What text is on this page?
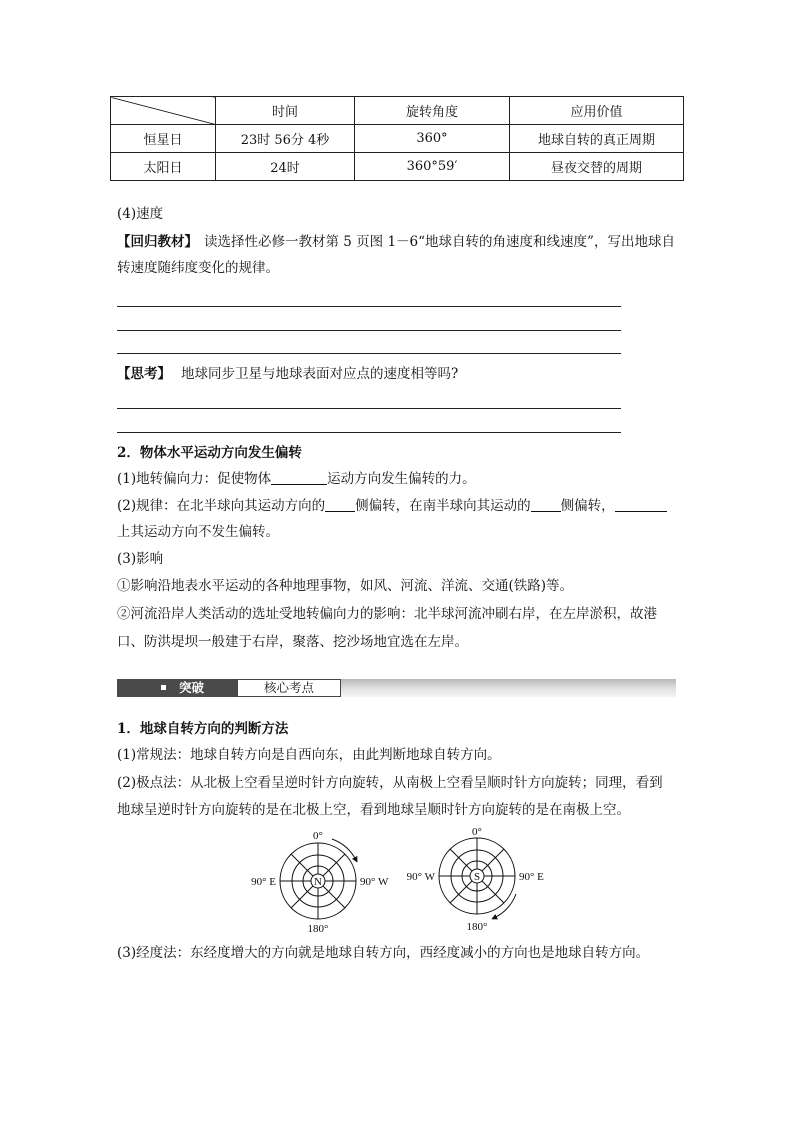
	时间	旋转角度	应用价值
恒星日	23时 56分 4秒	360°	地球自转的真正周期
太阳日	24时	360°59′	昼夜交替的周期
(4)速度
【回归教材】 读选择性必修一教材第 5 页图 1－6“地球自转的角速度和线速度”，写出地球自
转速度随纬度变化的规律。
【思考】 地球同步卫星与地球表面对应点的速度相等吗?
2．物体水平运动方向发生偏转
(1)地转偏向力：促使物体	运动方向发生偏转的力。
(2)规律：在北半球向其运动方向的 侧偏转，在南半球向其运动的 侧偏转，
上其运动方向不发生偏转。
(3)影响
①影响沿地表水平运动的各种地理事物，如风、河流、洋流、交通(铁路)等。
②河流沿岸人类活动的选址受地转偏向力的影响：北半球河流冲刷右岸，在左岸淤积，故港
口、防洪堤坝一般建于右岸，聚落、挖沙场地宜选在左岸。
突破	核心考点
1．地球自转方向的判断方法
(1)常规法：地球自转方向是自西向东，由此判断地球自转方向。
(2)极点法：从北极上空看呈逆时针方向旋转，从南极上空看呈顺时针方向旋转；同理，看到
地球呈逆时针方向旋转的是在北极上空，看到地球呈顺时针方向旋转的是在南极上空。
N
0°
180°
90° E	90° W	S
0°
180°
90° W	90° E
(3)经度法：东经度增大的方向就是地球自转方向，西经度减小的方向也是地球自转方向。
